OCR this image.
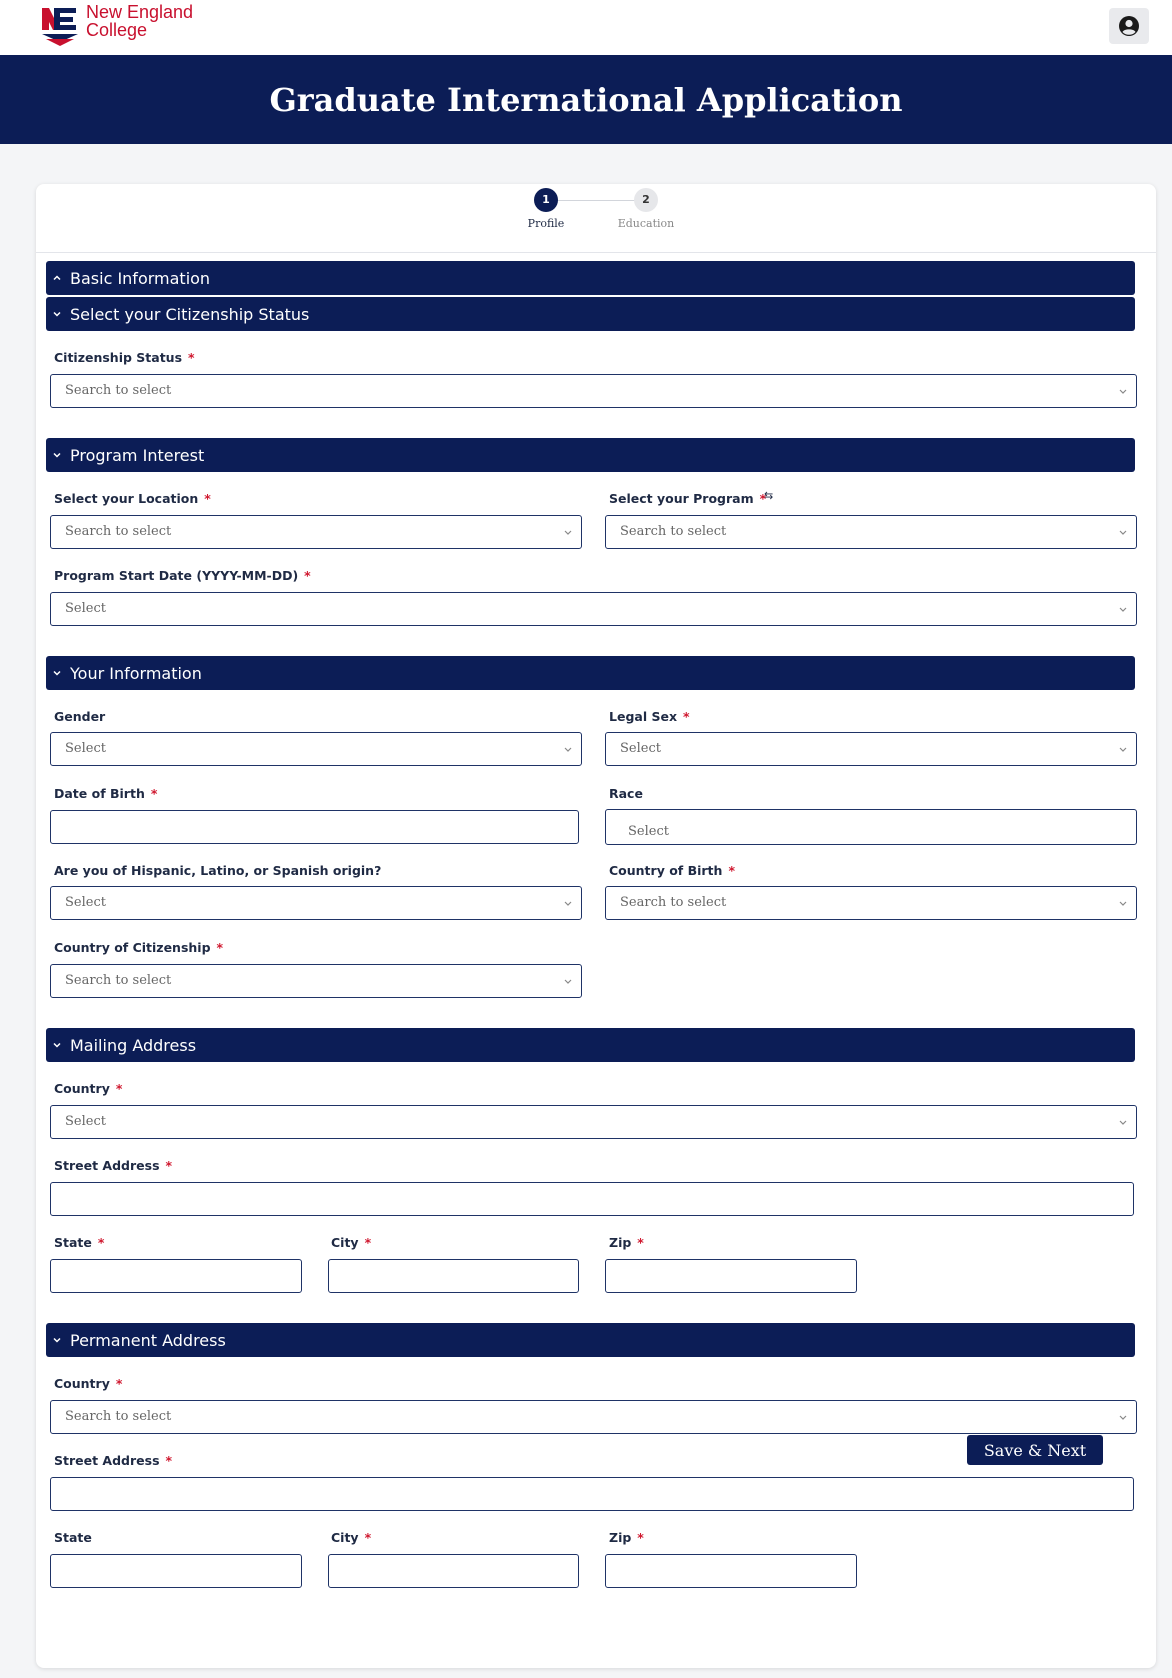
New England
College
Graduate International Application
1
Profile
2
Education
Basic Information
Select your Citizenship Status
Citizenship Status *
Search to select
Program Interest
Select your Location *
Search to select
Select your Program *
⇆
Search to select
Program Start Date (YYYY-MM-DD) *
Select
Your Information
Gender
Select
Legal Sex *
Select
Date of Birth *	Race
Select
Are you of Hispanic, Latino, or Spanish origin?
Select
Country of Birth *
Search to select
Country of Citizenship *
Search to select
Mailing Address
Country *
Select
Street Address *
State *	City *	Zip *
Permanent Address
Country *
Search to select
Street Address *
State	City *	Zip *
Save & Next
